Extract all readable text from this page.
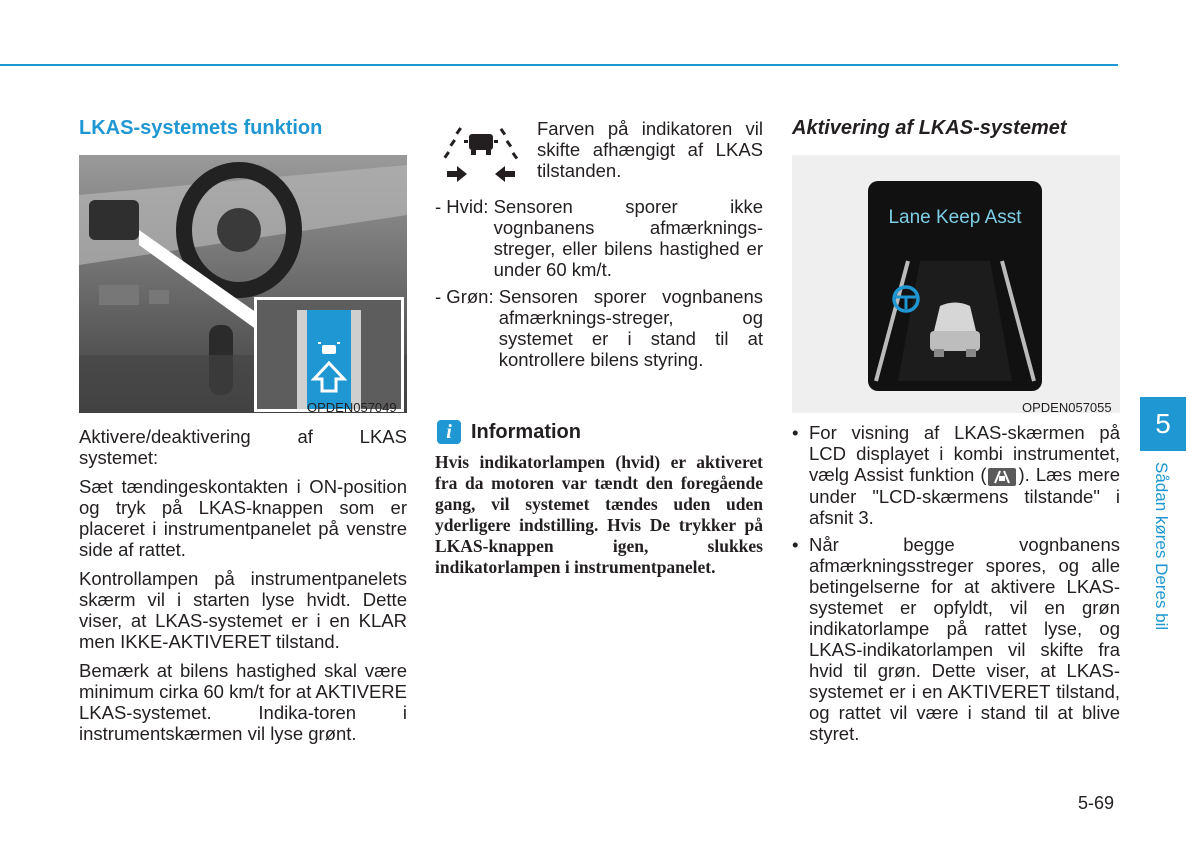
LKAS-systemets funktion
OPDEN057049

Aktivere/deaktivering af LKAS systemet:

Sæt tændingeskontakten i ON-position og tryk på LKAS-knappen som er placeret i instrumentpanelet på venstre side af rattet.

Kontrollampen på instrumentpanelets skærm vil i starten lyse hvidt. Dette viser, at LKAS-systemet er i en KLAR men IKKE-AKTIVERET tilstand.

Bemærk at bilens hastighed skal være minimum cirka 60 km/t for at AKTIVERE LKAS-systemet. Indika-toren i instrumentskærmen vil lyse grønt.

Farven på indikatoren vil skifte afhængigt af LKAS tilstanden.

- Hvid: Sensoren sporer ikke vognbanens afmærknings-streger, eller bilens hastighed er under 60 km/t.
- Grøn: Sensoren sporer vognbanens afmærknings-streger, og systemet er i stand til at kontrollere bilens styring.
i Information
Hvis indikatorlampen (hvid) er aktiveret fra da motoren var tændt den foregående gang, vil systemet tændes uden uden yderligere indstilling. Hvis De trykker på LKAS-knappen igen, slukkes indikatorlampen i instrumentpanelet.
Aktivering af LKAS-systemet
Lane Keep Asst
OPDEN057055
• For visning af LKAS-skærmen på LCD displayet i kombi instrumentet, vælg Assist funktion ( ). Læs mere under "LCD-skærmens tilstande" i afsnit 3.
• Når begge vognbanens afmærkningsstreger spores, og alle betingelserne for at aktivere LKAS-systemet er opfyldt, vil en grøn indikatorlampe på rattet lyse, og LKAS-indikatorlampen vil skifte fra hvid til grøn. Dette viser, at LKAS-systemet er i en AKTIVERET tilstand, og rattet vil være i stand til at blive styret.
5
Sådan køres Deres bil
5-69
